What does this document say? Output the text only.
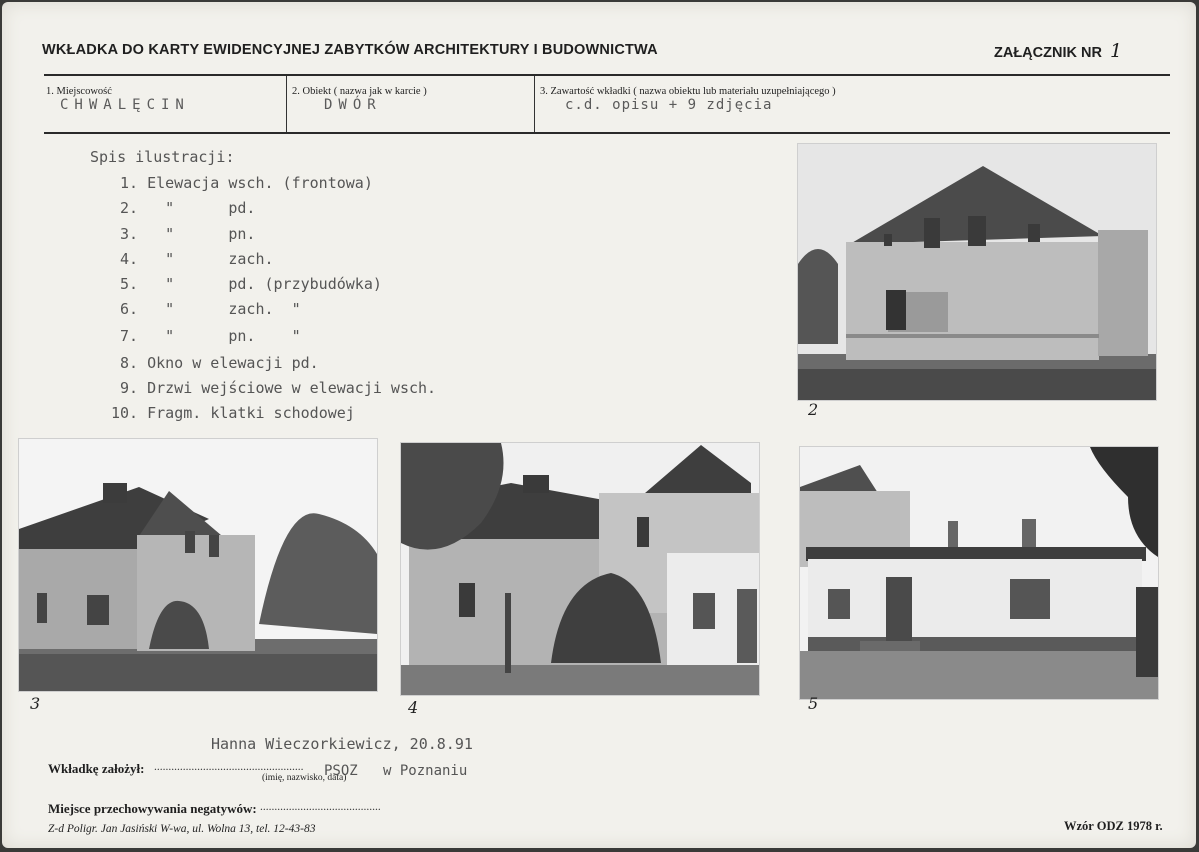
WKŁADKA DO KARTY EWIDENCYJNEJ ZABYTKÓW ARCHITEKTURY I BUDOWNICTWA	ZAŁĄCZNIK NR 1
1. Miejscowość
CHWALĘCIN
2. Obiekt ( nazwa jak w karcie )
DWÓR
3. Zawartość wkładki ( nazwa obiektu lub materiału uzupełniającego )
c.d. opisu + 9 zdjęcia
Spis ilustracji:
1. Elewacja wsch. (frontowa)
2.   "      pd.
3.   "      pn.
4.   "      zach.
5.   "      pd. (przybudówka)
6.   "      zach.  "
7.   "      pn.    "
8. Okno w elewacji pd.
9. Drzwi wejściowe w elewacji wsch.
10. Fragm. klatki schodowej	2
3	4	5
Hanna Wieczorkiewicz, 20.8.91
Wkładkę założył: .................................................... PSOZ   w Poznaniu
(imię, nazwisko, data)
Miejsce przechowywania negatywów: ..........................................
Z-d Poligr. Jan Jasiński W-wa, ul. Wolna 13, tel. 12-43-83	Wzór ODZ 1978 r.
